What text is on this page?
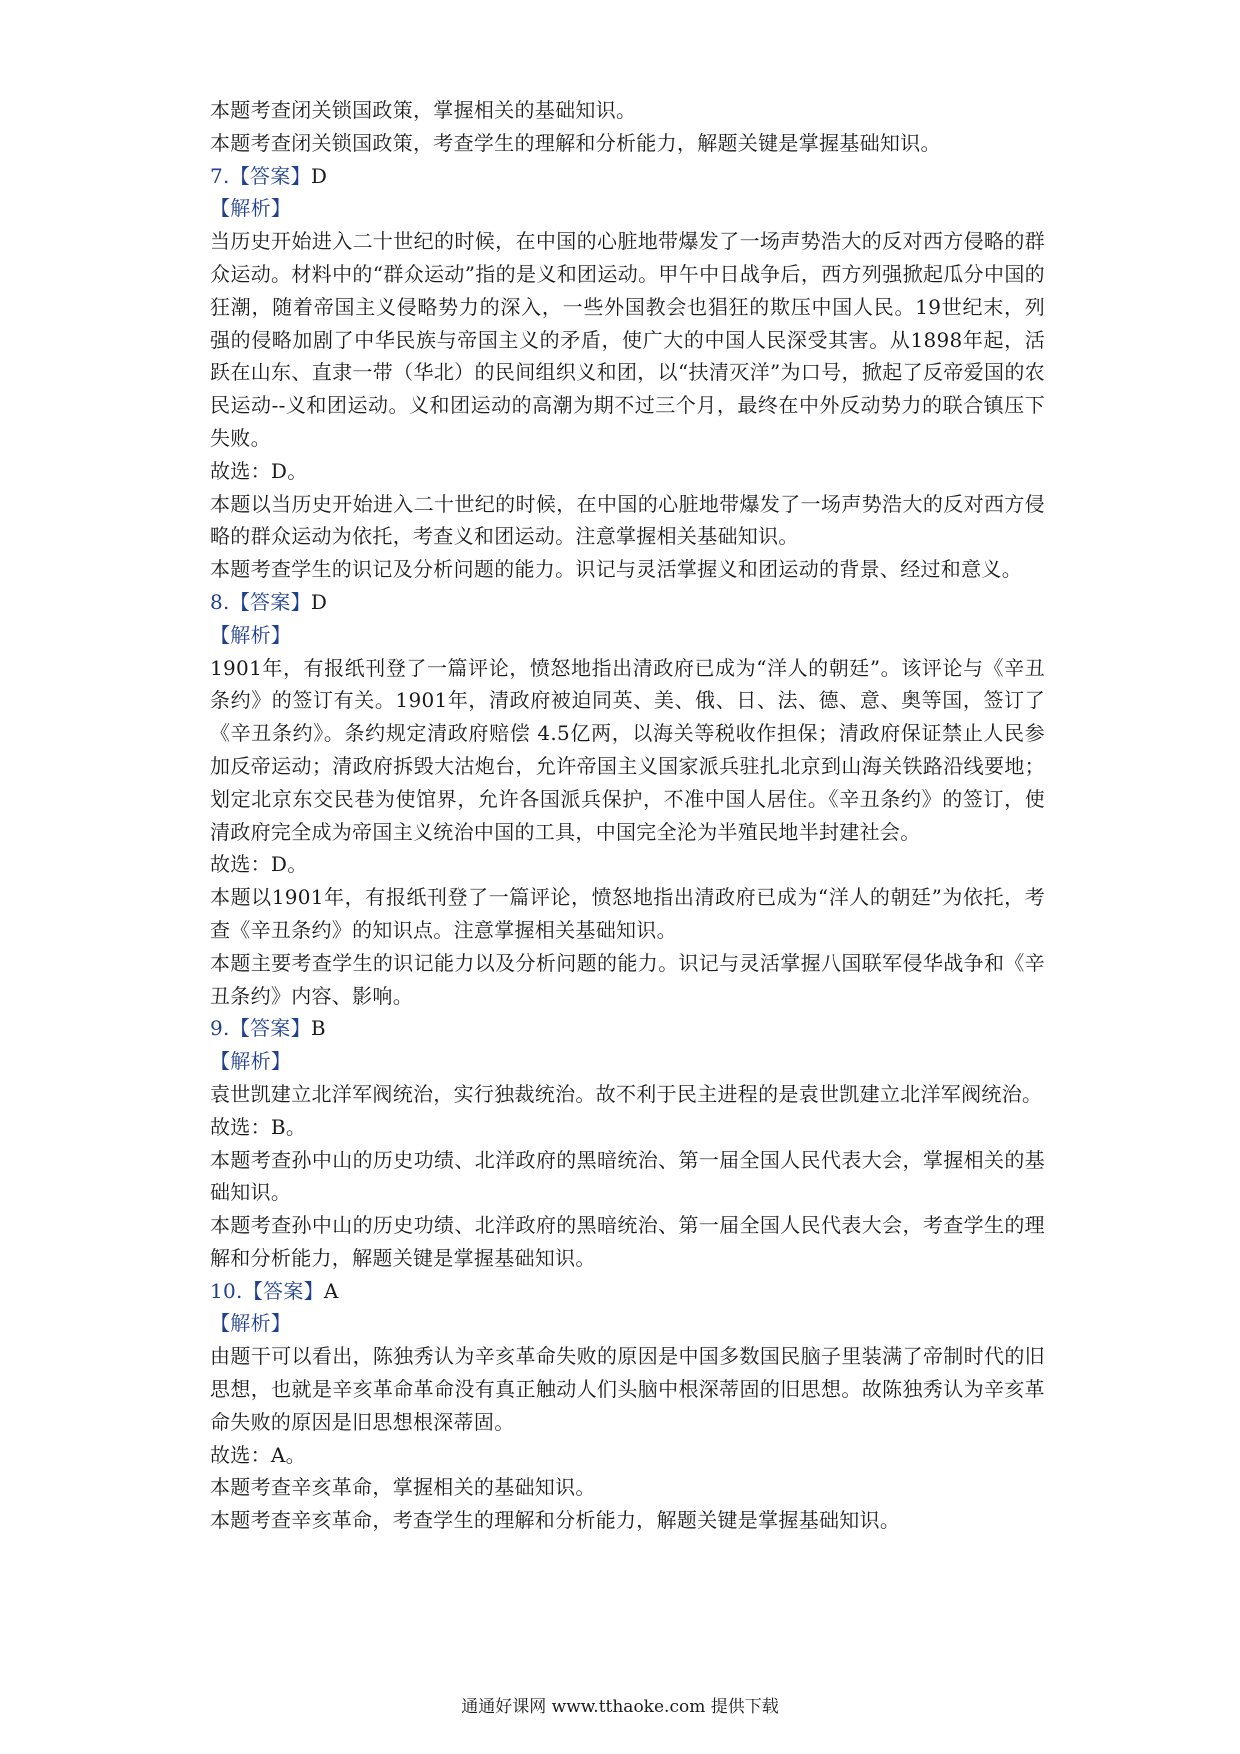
本题考查闭关锁国政策，掌握相关的基础知识。
本题考查闭关锁国政策，考查学生的理解和分析能力，解题关键是掌握基础知识。
7.【答案】D
【解析】
当历史开始进入二十世纪的时候，在中国的心脏地带爆发了一场声势浩大的反对西方侵略的群众运动。材料中的“群众运动”指的是义和团运动。甲午中日战争后，西方列强掀起瓜分中国的狂潮，随着帝国主义侵略势力的深入，一些外国教会也猖狂的欺压中国人民。19世纪末，列强的侵略加剧了中华民族与帝国主义的矛盾，使广大的中国人民深受其害。从1898年起，活跃在山东、直隶一带（华北）的民间组织义和团，以“扶清灭洋”为口号，掀起了反帝爱国的农民运动--义和团运动。义和团运动的高潮为期不过三个月，最终在中外反动势力的联合镇压下失败。
故选：D。
本题以当历史开始进入二十世纪的时候，在中国的心脏地带爆发了一场声势浩大的反对西方侵略的群众运动为依托，考查义和团运动。注意掌握相关基础知识。
本题考查学生的识记及分析问题的能力。识记与灵活掌握义和团运动的背景、经过和意义。
8.【答案】D
【解析】
1901年，有报纸刊登了一篇评论，愤怒地指出清政府已成为“洋人的朝廷”。该评论与《辛丑条约》的签订有关。1901年，清政府被迫同英、美、俄、日、法、德、意、奥等国，签订了《辛丑条约》。条约规定清政府赔偿 4.5亿两，以海关等税收作担保；清政府保证禁止人民参加反帝运动；清政府拆毁大沽炮台，允许帝国主义国家派兵驻扎北京到山海关铁路沿线要地；划定北京东交民巷为使馆界，允许各国派兵保护，不准中国人居住。《辛丑条约》的签订，使清政府完全成为帝国主义统治中国的工具，中国完全沦为半殖民地半封建社会。
故选：D。
本题以1901年，有报纸刊登了一篇评论，愤怒地指出清政府已成为“洋人的朝廷”为依托，考查《辛丑条约》的知识点。注意掌握相关基础知识。
本题主要考查学生的识记能力以及分析问题的能力。识记与灵活掌握八国联军侵华战争和《辛丑条约》内容、影响。
9.【答案】B
【解析】
袁世凯建立北洋军阀统治，实行独裁统治。故不利于民主进程的是袁世凯建立北洋军阀统治。
故选：B。
本题考查孙中山的历史功绩、北洋政府的黑暗统治、第一届全国人民代表大会，掌握相关的基础知识。
本题考查孙中山的历史功绩、北洋政府的黑暗统治、第一届全国人民代表大会，考查学生的理解和分析能力，解题关键是掌握基础知识。
10.【答案】A
【解析】
由题干可以看出，陈独秀认为辛亥革命失败的原因是中国多数国民脑子里装满了帝制时代的旧思想，也就是辛亥革命革命没有真正触动人们头脑中根深蒂固的旧思想。故陈独秀认为辛亥革命失败的原因是旧思想根深蒂固。
故选：A。
本题考查辛亥革命，掌握相关的基础知识。
本题考查辛亥革命，考查学生的理解和分析能力，解题关键是掌握基础知识。
通通好课网 www.tthaoke.com 提供下载
